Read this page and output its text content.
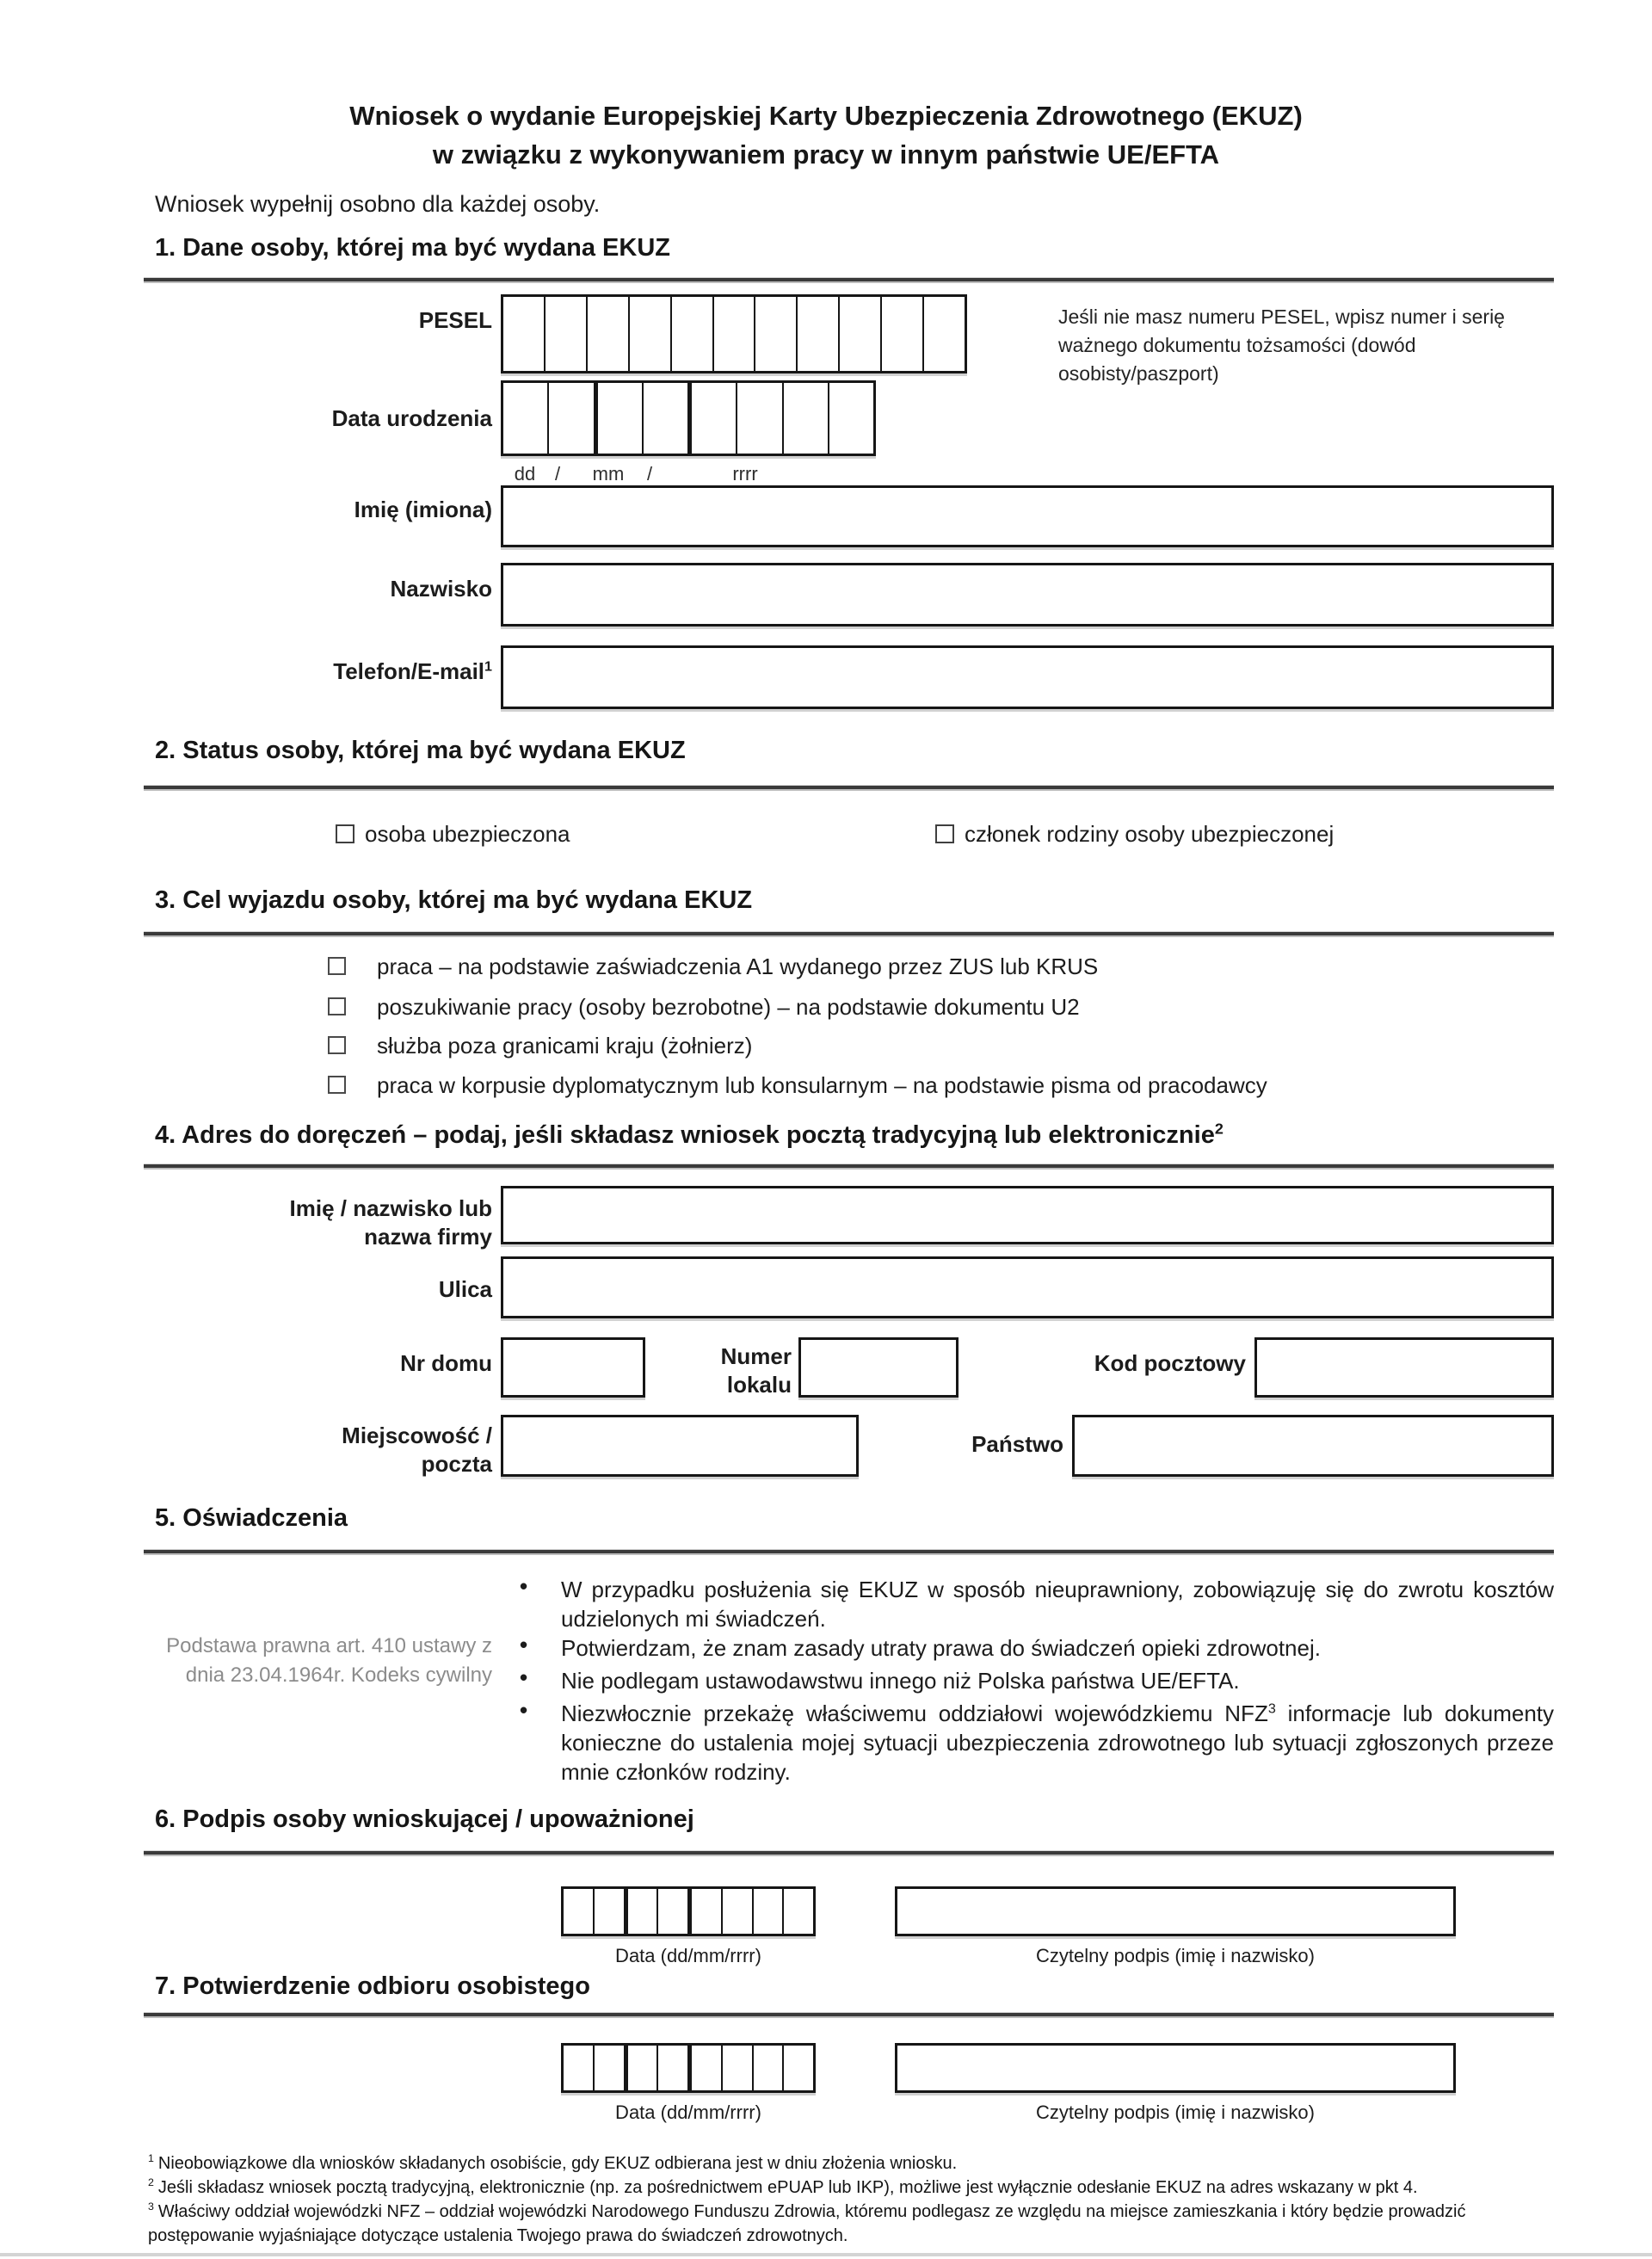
Wniosek o wydanie Europejskiej Karty Ubezpieczenia Zdrowotnego (EKUZ)
w związku z wykonywaniem pracy w innym państwie UE/EFTA
Wniosek wypełnij osobno dla każdej osoby.
1. Dane osoby, której ma być wydana EKUZ
PESEL	Jeśli nie masz numeru PESEL, wpisz numer i serię ważnego dokumentu tożsamości (dowód osobisty/paszport)
Data urodzenia
dd / mm /	rrrr
Imię (imiona)
Nazwisko
Telefon/E-mail$^1$
2. Status osoby, której ma być wydana EKUZ
osoba ubezpieczona	członek rodziny osoby ubezpieczonej
3. Cel wyjazdu osoby, której ma być wydana EKUZ
praca – na podstawie zaświadczenia A1 wydanego przez ZUS lub KRUS
poszukiwanie pracy (osoby bezrobotne) – na podstawie dokumentu U2
służba poza granicami kraju (żołnierz)
praca w korpusie dyplomatycznym lub konsularnym – na podstawie pisma od pracodawcy
4. Adres do doręczeń – podaj, jeśli składasz wniosek pocztą tradycyjną lub elektronicznie$^2$
Imię / nazwisko lub nazwa firmy
Ulica
Nr domu	Numer lokalu
Kod pocztowy
Miejscowość / poczta
Państwo
5. Oświadczenia
Podstawa prawna art. 410 ustawy z
dnia 23.04.1964r. Kodeks cywilny
• W przypadku posłużenia się EKUZ w sposób nieuprawniony, zobowiązuję się do zwrotu kosztów udzielonych mi świadczeń.
• Potwierdzam, że znam zasady utraty prawa do świadczeń opieki zdrowotnej.
• Nie podlegam ustawodawstwu innego niż Polska państwa UE/EFTA.
• Niezwłocznie przekażę właściwemu oddziałowi wojewódzkiemu NFZ$^3$ informacje lub dokumenty konieczne do ustalenia mojej sytuacji ubezpieczenia zdrowotnego lub sytuacji zgłoszonych przeze mnie członków rodziny.
6. Podpis osoby wnioskującej / upoważnionej
Data (dd/mm/rrrr)	Czytelny podpis (imię i nazwisko)
7. Potwierdzenie odbioru osobistego
Data (dd/mm/rrrr)	Czytelny podpis (imię i nazwisko)
$^1$ Nieobowiązkowe dla wniosków składanych osobiście, gdy EKUZ odbierana jest w dniu złożenia wniosku.
$^2$ Jeśli składasz wniosek pocztą tradycyjną, elektronicznie (np. za pośrednictwem ePUAP lub IKP), możliwe jest wyłącznie odesłanie EKUZ na adres wskazany w pkt 4.
$^3$ Właściwy oddział wojewódzki NFZ – oddział wojewódzki Narodowego Funduszu Zdrowia, któremu podlegasz ze względu na miejsce zamieszkania i który będzie prowadzić postępowanie wyjaśniające dotyczące ustalenia Twojego prawa do świadczeń zdrowotnych.
